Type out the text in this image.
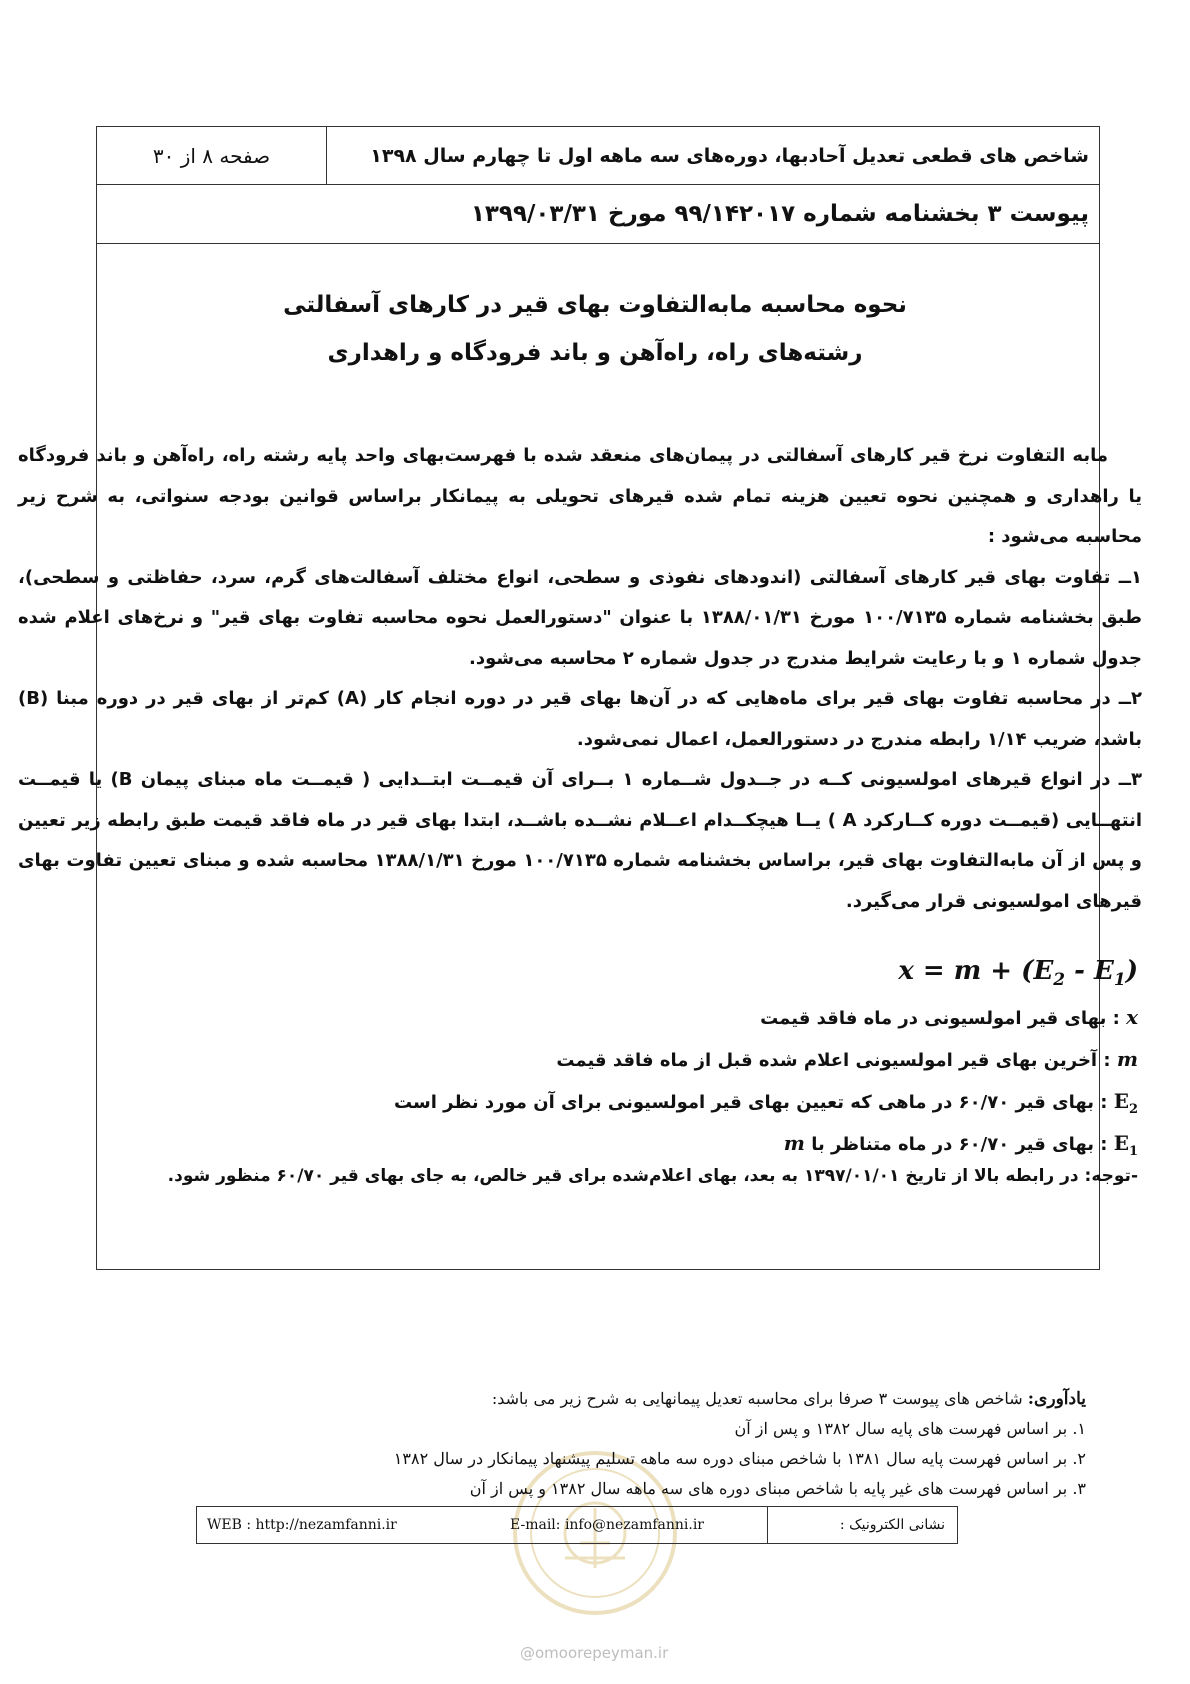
شاخص های قطعی تعدیل آحادبها، دوره‌های سه ماهه اول تا چهارم سال ۱۳۹۸
صفحه ۸ از ۳۰
پیوست ۳ بخشنامه شماره ۹۹/۱۴۲۰۱۷ مورخ ۱۳۹۹/۰۳/۳۱
نحوه محاسبه مابه‌التفاوت بهای قیر در کارهای آسفالتی
رشته‌های راه، راه‌آهن و باند فرودگاه و راهداری

مابه التفاوت نرخ قیر کارهای آسفالتی در پیمان‌های منعقد شده با فهرست‌بهای واحد پایه رشته راه، راه‌آهن و باند فرودگاه یا راهداری و همچنین نحوه تعیین هزینه تمام شده قیرهای تحویلی به پیمانکار براساس قوانین بودجه سنواتی، به شرح زیر محاسبه می‌شود :

۱ــ تفاوت بهای قیر کارهای آسفالتی (اندودهای نفوذی و سطحی، انواع مختلف آسفالت‌های گرم، سرد، حفاظتی و سطحی)، طبق بخشنامه شماره ۱۰۰/۷۱۳۵ مورخ ۱۳۸۸/۰۱/۳۱ با عنوان "دستورالعمل نحوه محاسبه تفاوت بهای قیر" و نرخ‌های اعلام شده جدول شماره ۱ و با رعایت شرایط مندرج در جدول شماره ۲ محاسبه می‌شود.

۲ــ در محاسبه تفاوت بهای قیر برای ماه‌هایی که در آن‌ها بهای قیر در دوره انجام کار (A) کم‌تر از بهای قیر در دوره مبنا (B) باشد، ضریب ۱/۱۴ رابطه مندرج در دستورالعمل، اعمال نمی‌شود.

۳ــ در انواع قیرهای امولسیونی کــه در جــدول شــماره ۱ بــرای آن قیمــت ابتــدایی ( قیمــت ماه مبنای پیمان B) یا قیمــت انتهــایی (قیمــت دوره کــارکرد A ) یــا هیچکــدام اعــلام نشــده باشــد، ابتدا بهای قیر در ماه فاقد قیمت طبق رابطه زیر تعیین و پس از آن مابه‌التفاوت بهای قیر، براساس بخشنامه شماره ۱۰۰/۷۱۳۵ مورخ ۱۳۸۸/۱/۳۱ محاسبه شده و مبنای تعیین تفاوت بهای قیرهای امولسیونی قرار می‌گیرد.

$x = m + (E_2 - E_1)$
x : بهای قیر امولسیونی در ماه فاقد قیمت
m : آخرین بهای قیر امولسیونی اعلام شده قبل از ماه فاقد قیمت
$E_2$ : بهای قیر ۶۰/۷۰ در ماهی که تعیین بهای قیر امولسیونی برای آن مورد نظر است
$E_1$ : بهای قیر ۶۰/۷۰ در ماه متناظر با m
-توجه: در رابطه بالا از تاریخ ۱۳۹۷/۰۱/۰۱ به بعد، بهای اعلام‌شده برای قیر خالص، به جای بهای قیر ۶۰/۷۰ منظور شود.
یادآوری: شاخص های پیوست ۳ صرفا برای محاسبه تعدیل پیمانهایی به شرح زیر می باشد:
۱. بر اساس فهرست های پایه سال ۱۳۸۲ و پس از آن
۲. بر اساس فهرست پایه سال ۱۳۸۱ با شاخص مبنای دوره سه ماهه تسلیم پیشنهاد پیمانکار در سال ۱۳۸۲
۳. بر اساس فهرست های غیر پایه با شاخص مبنای دوره های سه ماهه سال ۱۳۸۲ و پس از آن
نشانی الکترونیک :
E-mail: info@nezamfanni.ir
WEB : http://nezamfanni.ir
@omoorepeyman.ir
